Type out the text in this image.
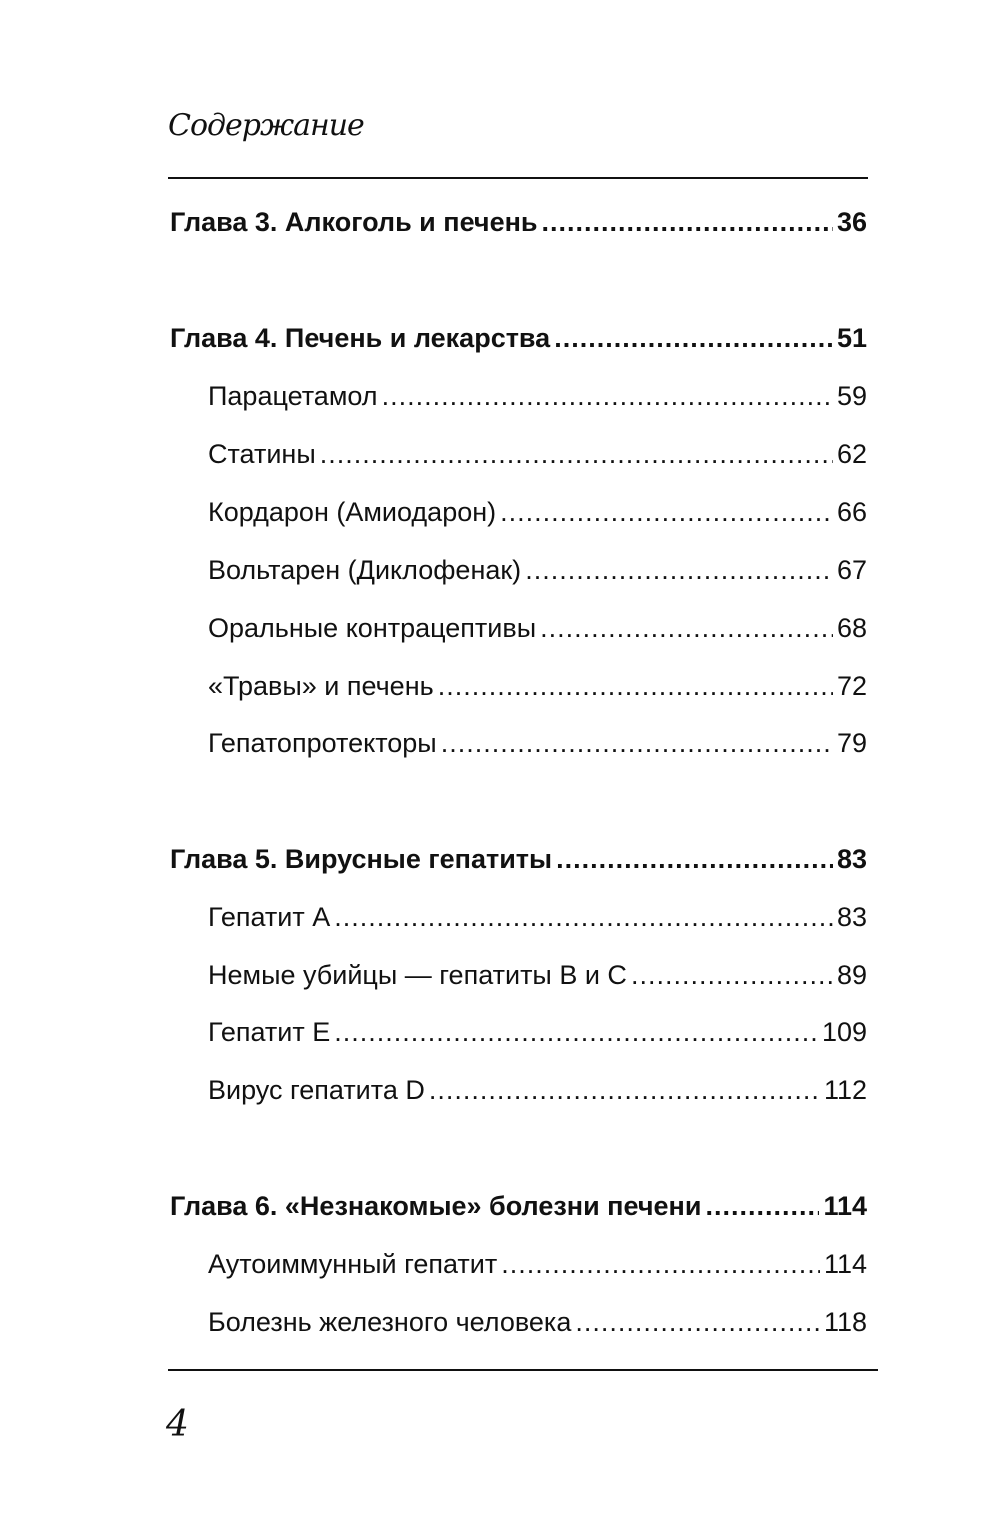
Содержание
Глава 3. Алкоголь и печень .....	36
Глава 4. Печень и лекарства .....	51
Парацетамол .....	59
Статины .....	62
Кордарон (Амиодарон) .....	66
Вольтарен (Диклофенак) .....	67
Оральные контрацептивы .....	68
«Травы» и печень .....	72
Гепатопротекторы .....	79
Глава 5. Вирусные гепатиты .....	83
Гепатит А .....	83
Немые убийцы — гепатиты В и С .....	89
Гепатит Е .....	109
Вирус гепатита D .....	112
Глава 6. «Незнакомые» болезни печени .....	114
Аутоиммунный гепатит .....	114
Болезнь железного человека .....	118
4
